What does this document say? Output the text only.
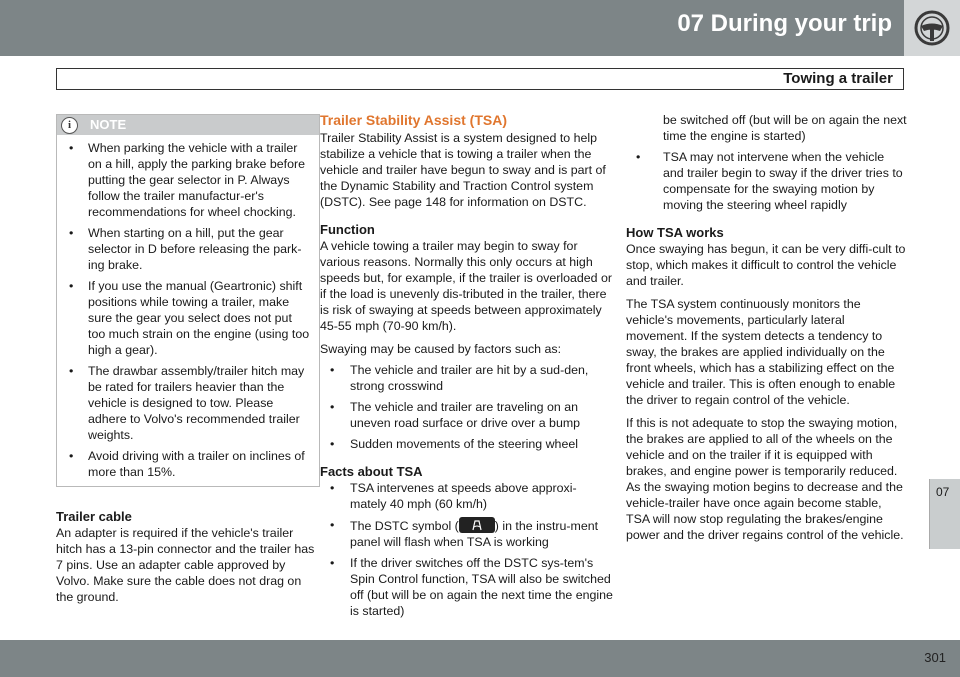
07 During your trip
Towing a trailer
07
i	NOTE
• When parking the vehicle with a trailer on a hill, apply the parking brake before putting the gear selector in P. Always follow the trailer manufactur-er's recommendations for wheel chocking.
• When starting on a hill, put the gear selector in D before releasing the park-ing brake.
• If you use the manual (Geartronic) shift positions while towing a trailer, make sure the gear you select does not put too much strain on the engine (using too high a gear).
• The drawbar assembly/trailer hitch may be rated for trailers heavier than the vehicle is designed to tow. Please adhere to Volvo's recommended trailer weights.
• Avoid driving with a trailer on inclines of more than 15%.
Trailer cable

An adapter is required if the vehicle's trailer hitch has a 13-pin connector and the trailer has 7 pins. Use an adapter cable approved by Volvo. Make sure the cable does not drag on the ground.

Trailer Stability Assist (TSA)

Trailer Stability Assist is a system designed to help stabilize a vehicle that is towing a trailer when the vehicle and trailer have begun to sway and is part of the Dynamic Stability and Traction Control system (DSTC). See page 148 for information on DSTC.

Function

A vehicle towing a trailer may begin to sway for various reasons. Normally this only occurs at high speeds but, for example, if the trailer is overloaded or if the load is unevenly dis-tributed in the trailer, there is risk of swaying at speeds between approximately 45-55 mph (70-90 km/h).

Swaying may be caused by factors such as:

• The vehicle and trailer are hit by a sud-den, strong crosswind
• The vehicle and trailer are traveling on an uneven road surface or drive over a bump
• Sudden movements of the steering wheel
Facts about TSA
• TSA intervenes at speeds above approxi-mately 40 mph (60 km/h)
• The DSTC symbol (	) in the instru-ment panel will flash when TSA is working
• If the driver switches off the DSTC sys-tem's Spin Control function, TSA will also be switched off (but will be on again the next time the engine is started)

be switched off (but will be on again the next time the engine is started)

• TSA may not intervene when the vehicle and trailer begin to sway if the driver tries to compensate for the swaying motion by moving the steering wheel rapidly
How TSA works

Once swaying has begun, it can be very diffi-cult to stop, which makes it difficult to control the vehicle and trailer.

The TSA system continuously monitors the vehicle's movements, particularly lateral movement. If the system detects a tendency to sway, the brakes are applied individually on the front wheels, which has a stabilizing effect on the vehicle and trailer. This is often enough to enable the driver to regain control of the vehicle.

If this is not adequate to stop the swaying motion, the brakes are applied to all of the wheels on the vehicle and on the trailer if it is equipped with brakes, and engine power is temporarily reduced. As the swaying motion begins to decrease and the vehicle-trailer have once again become stable, TSA will now stop regulating the brakes/engine power and the driver regains control of the vehicle.

301
